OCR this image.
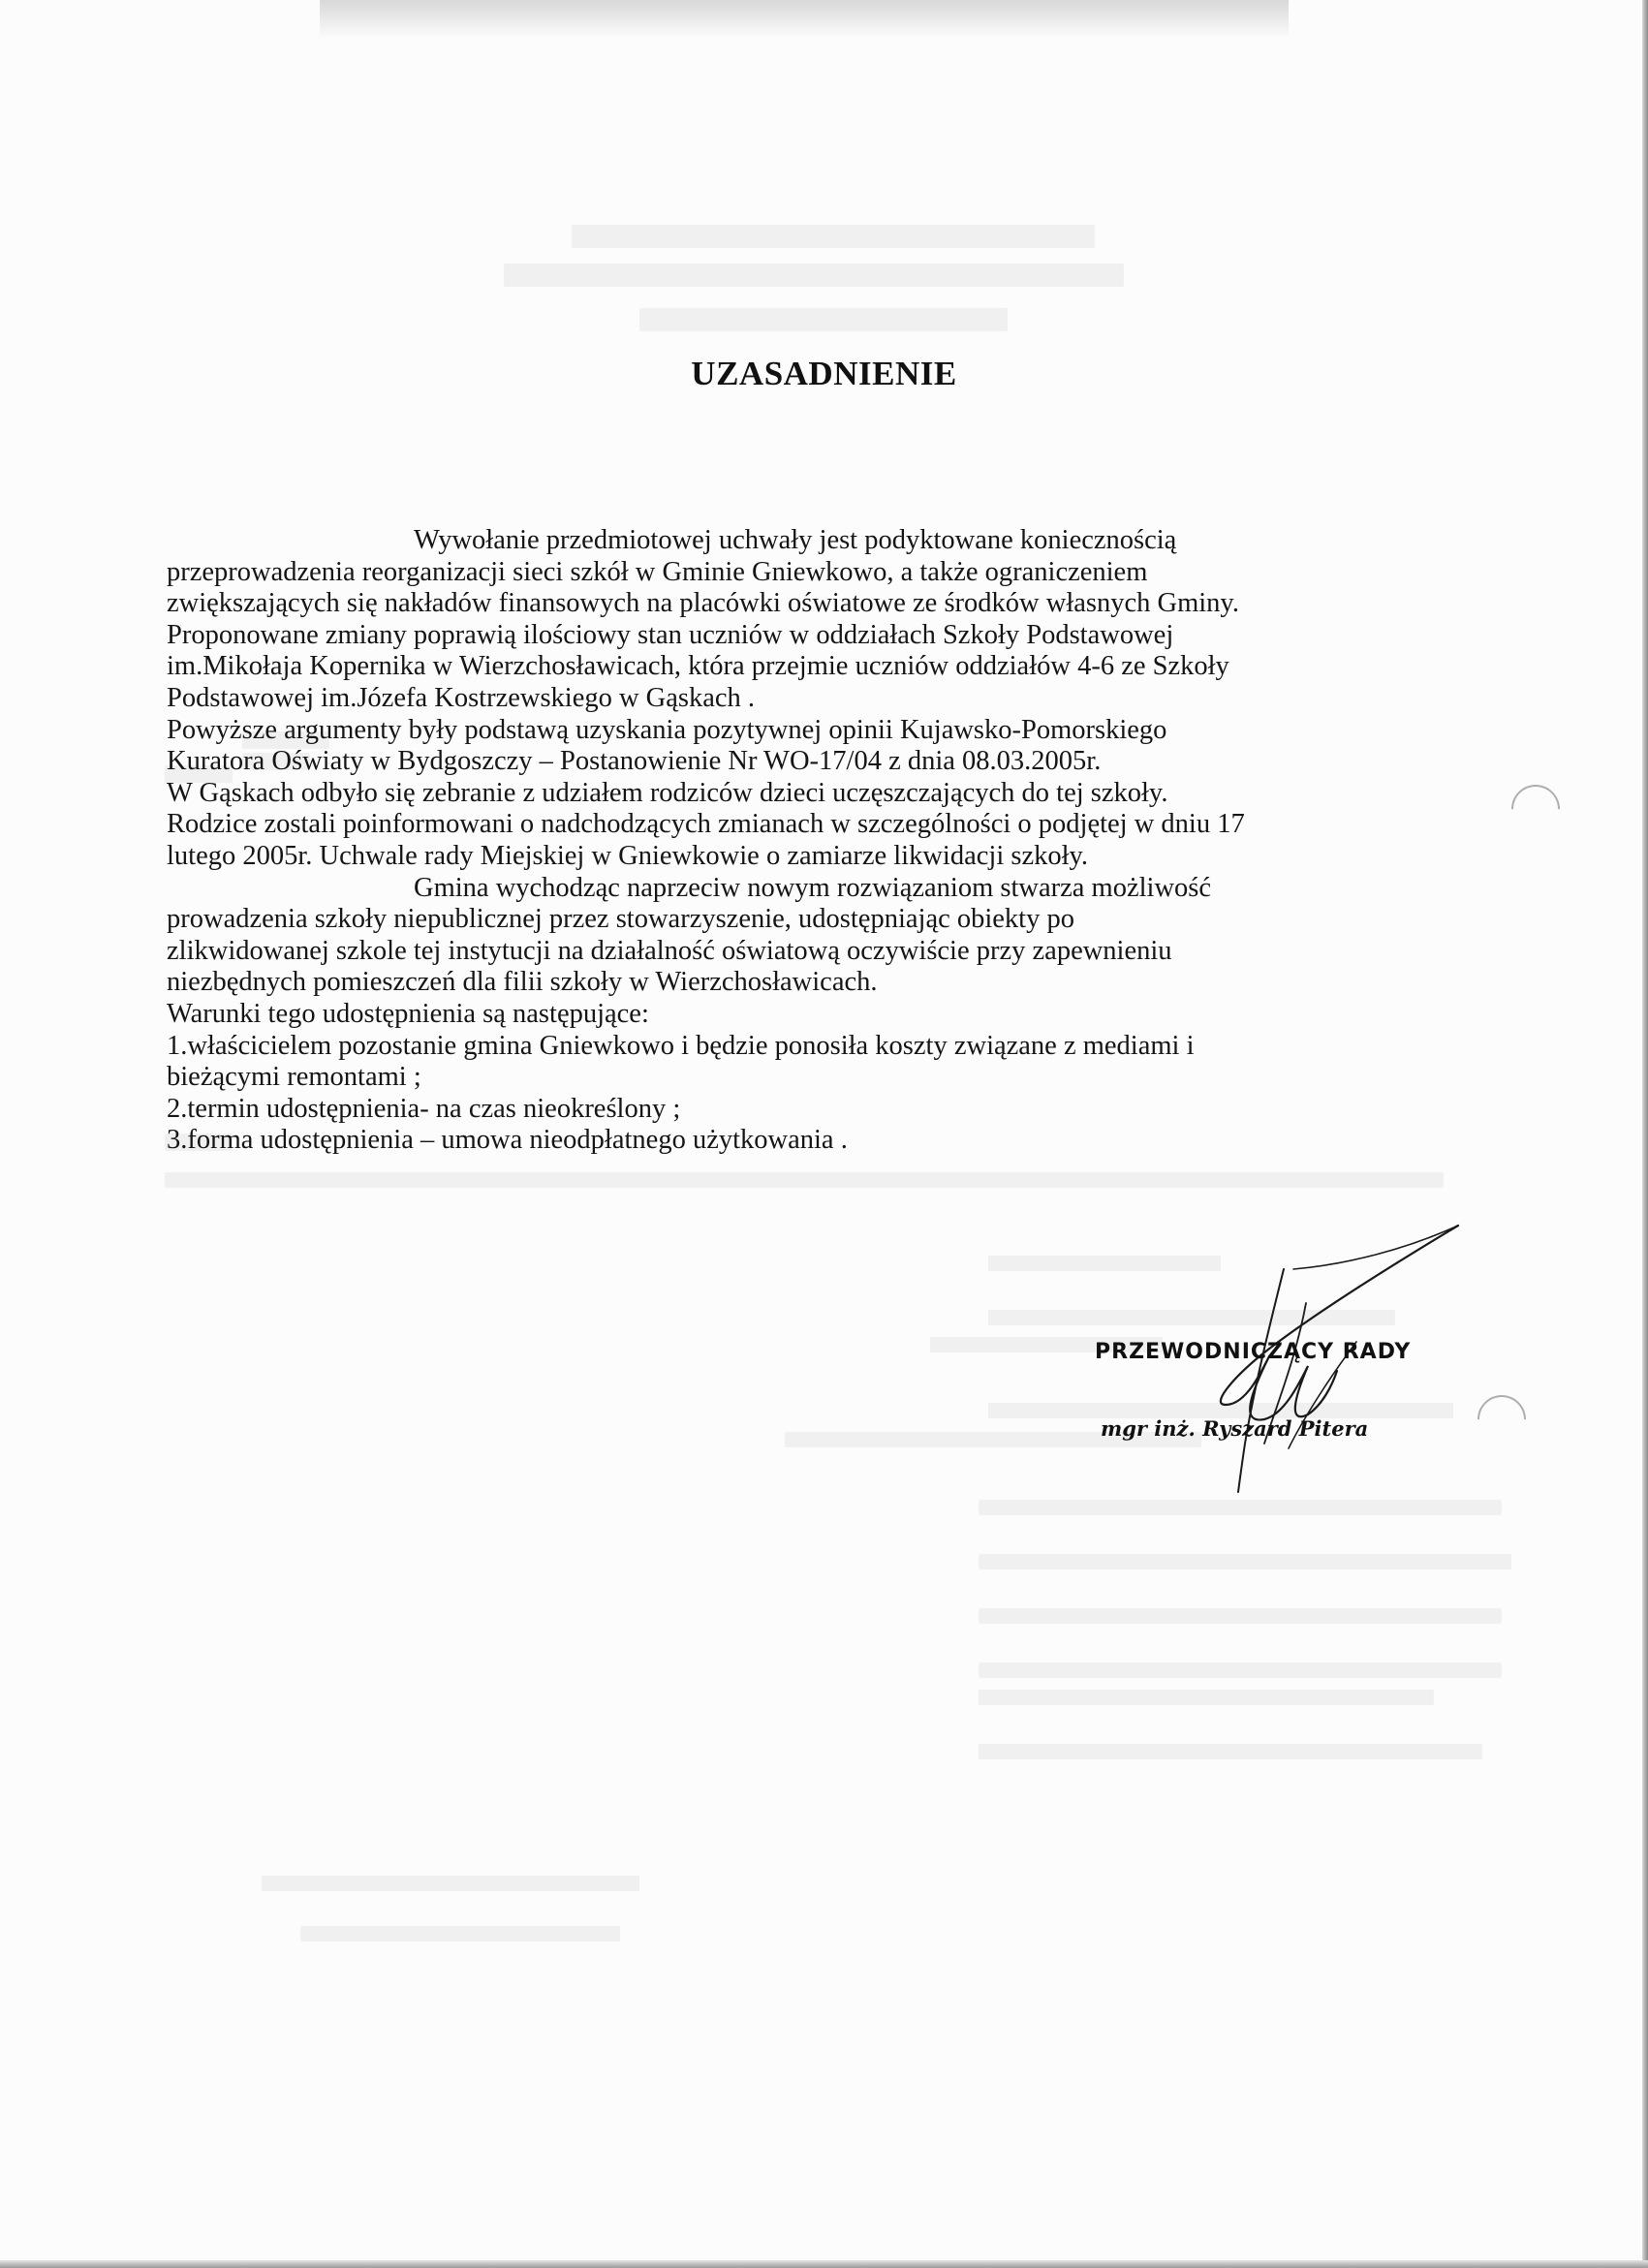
UZASADNIENIE
Wywołanie przedmiotowej uchwały jest podyktowane koniecznością
przeprowadzenia reorganizacji sieci szkół w Gminie Gniewkowo, a także ograniczeniem
zwiększających się nakładów finansowych na placówki oświatowe ze środków własnych Gminy.
Proponowane zmiany poprawią ilościowy stan uczniów w oddziałach Szkoły Podstawowej
im.Mikołaja Kopernika w Wierzchosławicach, która przejmie uczniów oddziałów 4-6 ze Szkoły
Podstawowej im.Józefa Kostrzewskiego w Gąskach .
Powyższe argumenty były podstawą uzyskania pozytywnej opinii Kujawsko-Pomorskiego
Kuratora Oświaty w Bydgoszczy – Postanowienie Nr WO-17/04 z dnia 08.03.2005r.
W Gąskach odbyło się zebranie z udziałem rodziców dzieci uczęszczających do tej szkoły.
Rodzice zostali poinformowani o nadchodzących zmianach w szczególności o podjętej w dniu 17
lutego 2005r. Uchwale rady Miejskiej w Gniewkowie o zamiarze likwidacji szkoły.
Gmina wychodząc naprzeciw nowym rozwiązaniom stwarza możliwość
prowadzenia szkoły niepublicznej przez stowarzyszenie, udostępniając obiekty po
zlikwidowanej szkole tej instytucji na działalność oświatową oczywiście przy zapewnieniu
niezbędnych pomieszczeń dla filii szkoły w Wierzchosławicach.
Warunki tego udostępnienia są następujące:
1.właścicielem pozostanie gmina Gniewkowo i będzie ponosiła koszty związane z mediami i
bieżącymi remontami ;
2.termin udostępnienia- na czas nieokreślony ;
3.forma udostępnienia – umowa nieodpłatnego użytkowania .
PRZEWODNICZĄCY RADY
mgr inż. Ryszard Pitera
